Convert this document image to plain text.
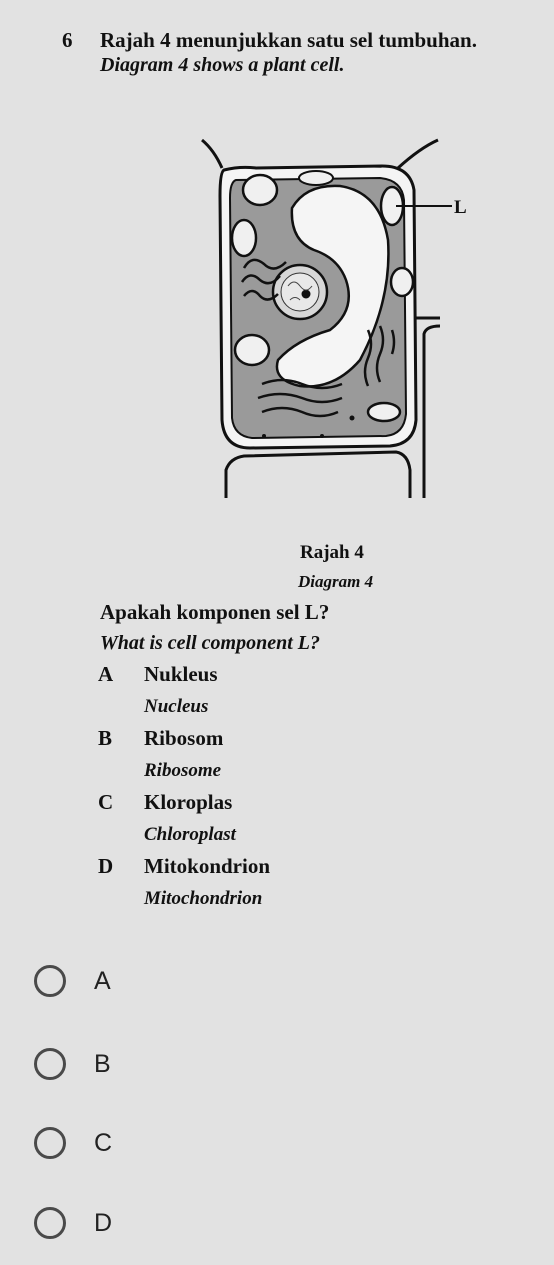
6 Rajah 4 menunjukkan satu sel tumbuhan.
Diagram 4 shows a plant cell.
L
Rajah 4
Diagram 4
Apakah komponen sel L?
What is cell component L?
A Nukleus
Nucleus
B Ribosom
Ribosome
C Kloroplas
Chloroplast
D Mitokondrion
Mitochondrion
A
B
C
D
